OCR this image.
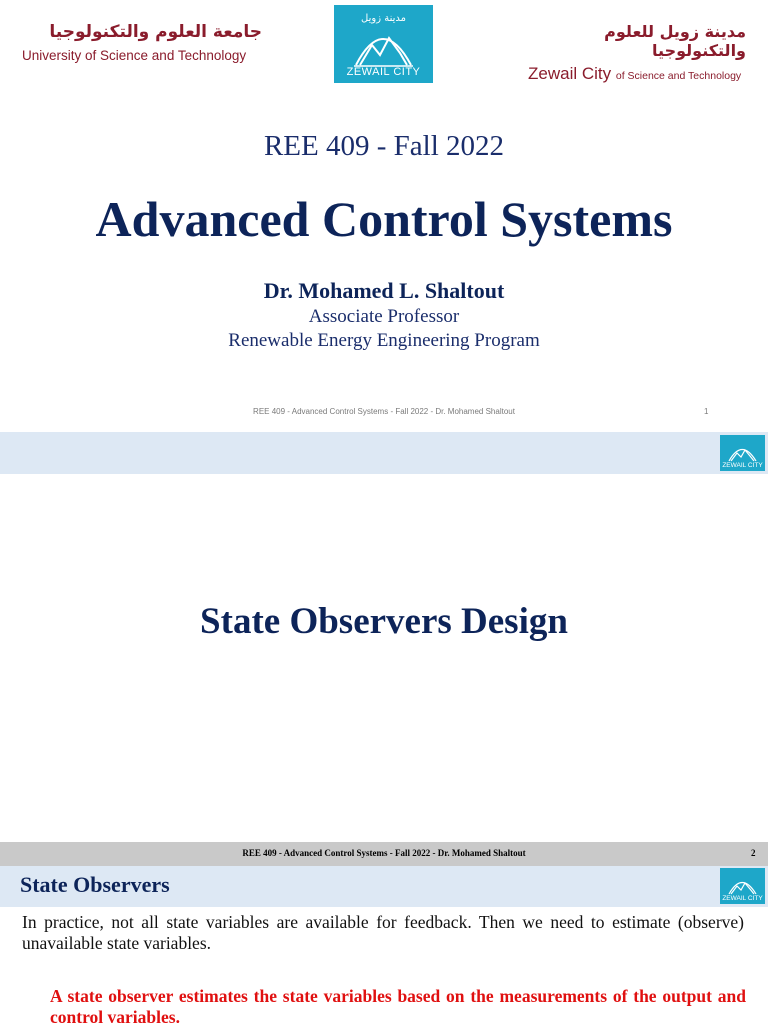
جامعة العلوم والتكنولوجيا
University of Science and Technology
مدينة زويل
ZEWAIL CITY
مدينة زويل للعلوم والتكنولوجيا
Zewail City of Science and Technology
REE 409 - Fall 2022
Advanced Control Systems
Dr. Mohamed L. Shaltout
Associate Professor
Renewable Energy Engineering Program
REE 409 - Advanced Control Systems - Fall 2022 - Dr. Mohamed Shaltout	1
ZEWAIL CITY
State Observers Design
REE 409 - Advanced Control Systems - Fall 2022 - Dr. Mohamed Shaltout	2
State Observers
ZEWAIL CITY
In practice, not all state variables are available for feedback. Then we need to estimate (observe) unavailable state variables.
A state observer estimates the state variables based on the measurements of the output and control variables.
